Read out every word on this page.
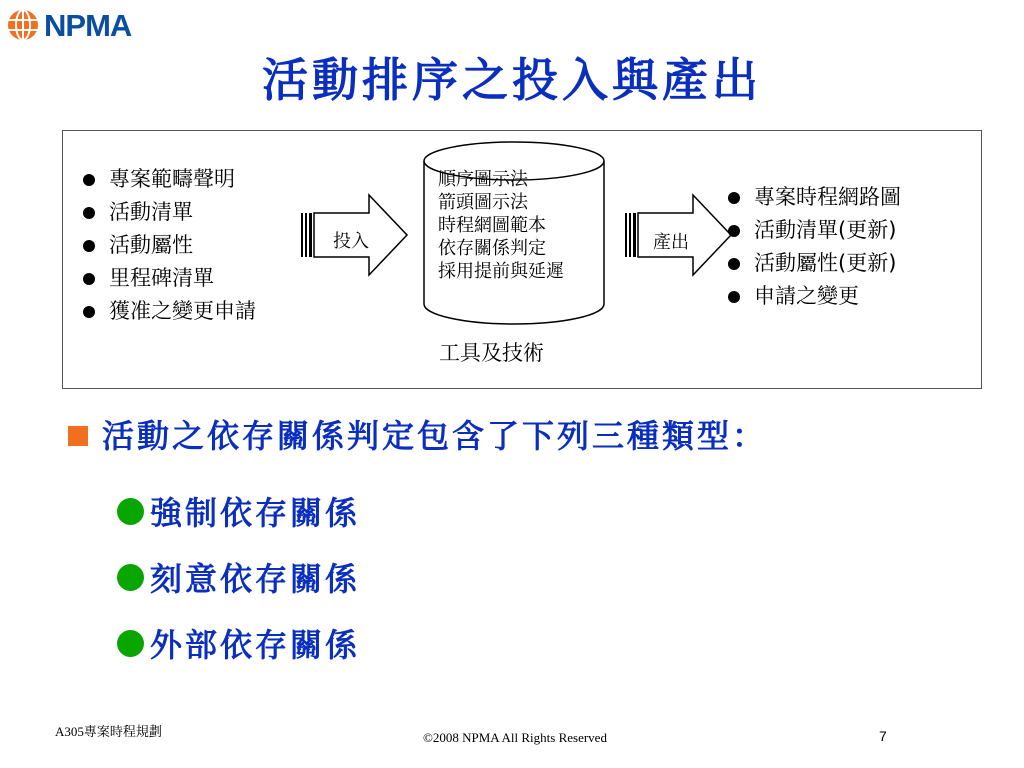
NPMA
活動排序之投入與產出
專案範疇聲明
活動清單
活動屬性
里程碑清單
獲准之變更申請
投入
順序圖示法
箭頭圖示法
時程網圖範本
依存關係判定
採用提前與延遲
工具及技術
產出
專案時程網路圖
活動清單(更新)
活動屬性(更新)
申請之變更
活動之依存關係判定包含了下列三種類型：
強制依存關係
刻意依存關係
外部依存關係
A305專案時程規劃	©2008 NPMA All Rights Reserved	7
